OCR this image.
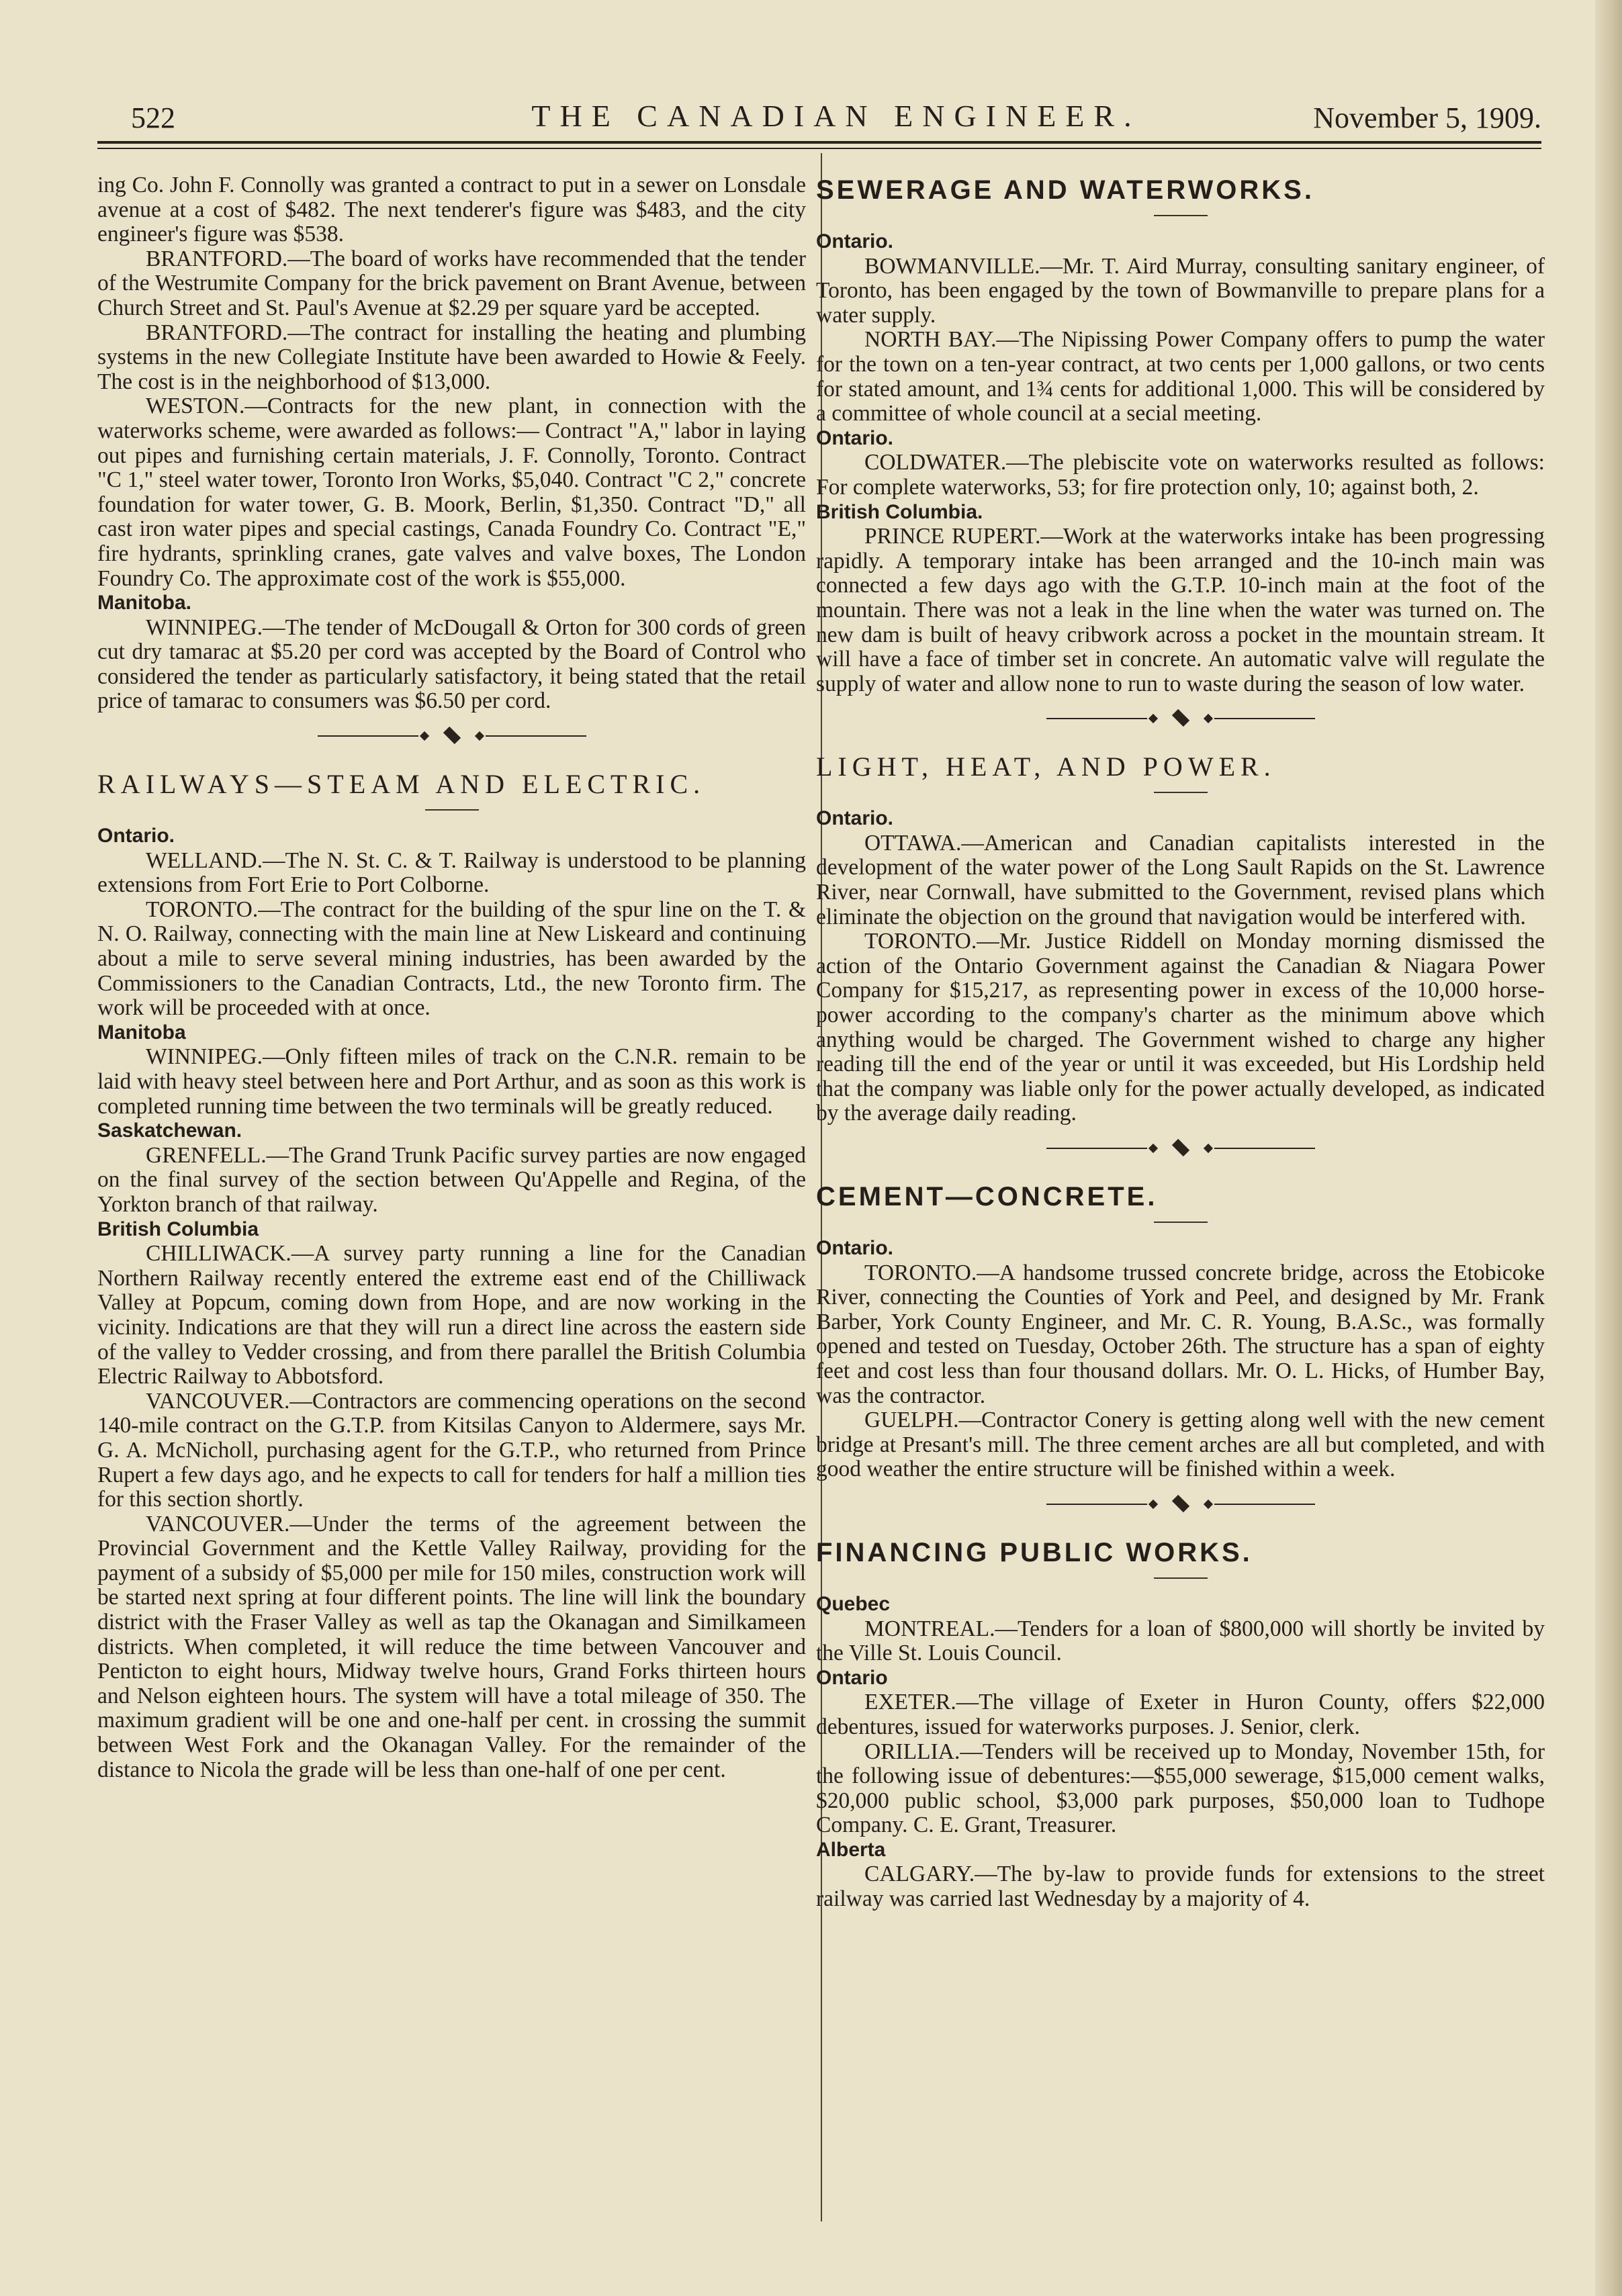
522	THE CANADIAN ENGINEER.	November 5, 1909.

ing Co. John F. Connolly was granted a contract to put in a sewer on Lonsdale avenue at a cost of $482. The next tenderer's figure was $483, and the city engineer's figure was $538.

BRANTFORD.—The board of works have recommended that the tender of the Westrumite Company for the brick pavement on Brant Avenue, between Church Street and St. Paul's Avenue at $2.29 per square yard be accepted.

BRANTFORD.—The contract for installing the heating and plumbing systems in the new Collegiate Institute have been awarded to Howie & Feely. The cost is in the neighborhood of $13,000.

WESTON.—Contracts for the new plant, in connection with the waterworks scheme, were awarded as follows:— Contract "A," labor in laying out pipes and furnishing certain materials, J. F. Connolly, Toronto. Contract "C 1," steel water tower, Toronto Iron Works, $5,040. Contract "C 2," concrete foundation for water tower, G. B. Moork, Berlin, $1,350. Contract "D," all cast iron water pipes and special castings, Canada Foundry Co. Contract "E," fire hydrants, sprinkling cranes, gate valves and valve boxes, The London Foundry Co. The approximate cost of the work is $55,000.

Manitoba.

WINNIPEG.—The tender of McDougall & Orton for 300 cords of green cut dry tamarac at $5.20 per cord was accepted by the Board of Control who considered the tender as particularly satisfactory, it being stated that the retail price of tamarac to consumers was $6.50 per cord.

RAILWAYS—STEAM AND ELECTRIC.

Ontario.

WELLAND.—The N. St. C. & T. Railway is understood to be planning extensions from Fort Erie to Port Colborne.

TORONTO.—The contract for the building of the spur line on the T. & N. O. Railway, connecting with the main line at New Liskeard and continuing about a mile to serve several mining industries, has been awarded by the Commissioners to the Canadian Contracts, Ltd., the new Toronto firm. The work will be proceeded with at once.

Manitoba

WINNIPEG.—Only fifteen miles of track on the C.N.R. remain to be laid with heavy steel between here and Port Arthur, and as soon as this work is completed running time between the two terminals will be greatly reduced.

Saskatchewan.

GRENFELL.—The Grand Trunk Pacific survey parties are now engaged on the final survey of the section between Qu'Appelle and Regina, of the Yorkton branch of that railway.

British Columbia

CHILLIWACK.—A survey party running a line for the Canadian Northern Railway recently entered the extreme east end of the Chilliwack Valley at Popcum, coming down from Hope, and are now working in the vicinity. Indications are that they will run a direct line across the eastern side of the valley to Vedder crossing, and from there parallel the British Columbia Electric Railway to Abbotsford.

VANCOUVER.—Contractors are commencing operations on the second 140-mile contract on the G.T.P. from Kitsilas Canyon to Aldermere, says Mr. G. A. McNicholl, purchasing agent for the G.T.P., who returned from Prince Rupert a few days ago, and he expects to call for tenders for half a million ties for this section shortly.

VANCOUVER.—Under the terms of the agreement between the Provincial Government and the Kettle Valley Railway, providing for the payment of a subsidy of $5,000 per mile for 150 miles, construction work will be started next spring at four different points. The line will link the boundary district with the Fraser Valley as well as tap the Okanagan and Similkameen districts. When completed, it will reduce the time between Vancouver and Penticton to eight hours, Midway twelve hours, Grand Forks thirteen hours and Nelson eighteen hours. The system will have a total mileage of 350. The maximum gradient will be one and one-half per cent. in crossing the summit between West Fork and the Okanagan Valley. For the remainder of the distance to Nicola the grade will be less than one-half of one per cent.

SEWERAGE AND WATERWORKS.

Ontario.

BOWMANVILLE.—Mr. T. Aird Murray, consulting sanitary engineer, of Toronto, has been engaged by the town of Bowmanville to prepare plans for a water supply.

NORTH BAY.—The Nipissing Power Company offers to pump the water for the town on a ten-year contract, at two cents per 1,000 gallons, or two cents for stated amount, and 1¾ cents for additional 1,000. This will be considered by a committee of whole council at a secial meeting.

Ontario.

COLDWATER.—The plebiscite vote on waterworks resulted as follows: For complete waterworks, 53; for fire protection only, 10; against both, 2.

British Columbia.

PRINCE RUPERT.—Work at the waterworks intake has been progressing rapidly. A temporary intake has been arranged and the 10-inch main was connected a few days ago with the G.T.P. 10-inch main at the foot of the mountain. There was not a leak in the line when the water was turned on. The new dam is built of heavy cribwork across a pocket in the mountain stream. It will have a face of timber set in concrete. An automatic valve will regulate the supply of water and allow none to run to waste during the season of low water.

LIGHT, HEAT, AND POWER.

Ontario.

OTTAWA.—American and Canadian capitalists interested in the development of the water power of the Long Sault Rapids on the St. Lawrence River, near Cornwall, have submitted to the Government, revised plans which eliminate the objection on the ground that navigation would be interfered with.

TORONTO.—Mr. Justice Riddell on Monday morning dismissed the action of the Ontario Government against the Canadian & Niagara Power Company for $15,217, as representing power in excess of the 10,000 horse-power according to the company's charter as the minimum above which anything would be charged. The Government wished to charge any higher reading till the end of the year or until it was exceeded, but His Lordship held that the company was liable only for the power actually developed, as indicated by the average daily reading.

CEMENT—CONCRETE.

Ontario.

TORONTO.—A handsome trussed concrete bridge, across the Etobicoke River, connecting the Counties of York and Peel, and designed by Mr. Frank Barber, York County Engineer, and Mr. C. R. Young, B.A.Sc., was formally opened and tested on Tuesday, October 26th. The structure has a span of eighty feet and cost less than four thousand dollars. Mr. O. L. Hicks, of Humber Bay, was the contractor.

GUELPH.—Contractor Conery is getting along well with the new cement bridge at Presant's mill. The three cement arches are all but completed, and with good weather the entire structure will be finished within a week.

FINANCING PUBLIC WORKS.

Quebec

MONTREAL.—Tenders for a loan of $800,000 will shortly be invited by the Ville St. Louis Council.

Ontario

EXETER.—The village of Exeter in Huron County, offers $22,000 debentures, issued for waterworks purposes. J. Senior, clerk.

ORILLIA.—Tenders will be received up to Monday, November 15th, for the following issue of debentures:—$55,000 sewerage, $15,000 cement walks, $20,000 public school, $3,000 park purposes, $50,000 loan to Tudhope Company. C. E. Grant, Treasurer.

Alberta

CALGARY.—The by-law to provide funds for extensions to the street railway was carried last Wednesday by a majority of 4.
